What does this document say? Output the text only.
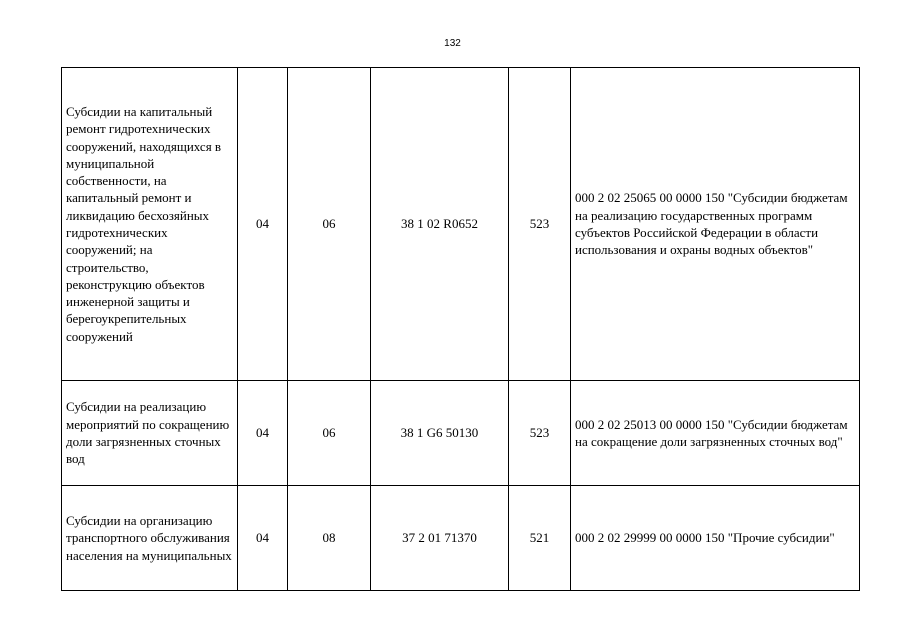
132
Субсидии на капитальный ремонт гидротехнических сооружений, находящихся в муниципальной собственности, на капитальный ремонт и ликвидацию бесхозяйных гидротехнических сооружений; на строительство, реконструкцию объектов инженерной защиты и берегоукрепительных сооружений	04	06	38 1 02 R0652	523	000 2 02 25065 00 0000 150 "Субсидии бюджетам на реализацию государственных программ субъектов Российской Федерации в области использования и охраны водных объектов"

Субсидии на реализацию мероприятий по сокращению доли загрязненных сточных вод	04	06	38 1 G6 50130	523	000 2 02 25013 00 0000 150 "Субсидии бюджетам на сокращение доли загрязненных сточных вод"

Субсидии на организацию транспортного обслуживания населения на муниципальных	04	08	37 2 01 71370	521	000 2 02 29999 00 0000 150 "Прочие субсидии"
